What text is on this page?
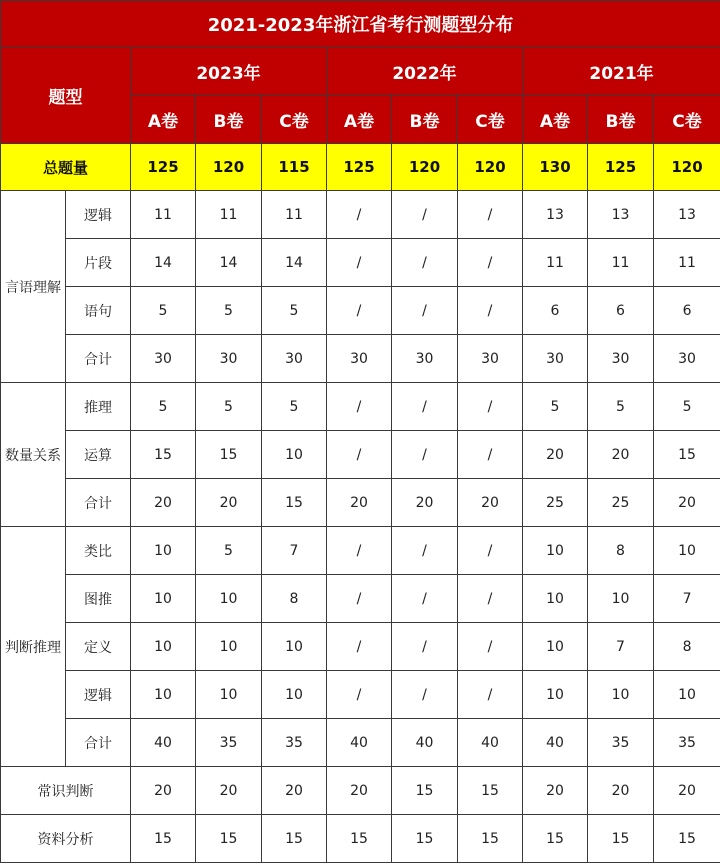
2021-2023年浙江省考行测题型分布										
题型		2023年			2022年			2021年		
		A卷	B卷	C卷	A卷	B卷	C卷	A卷	B卷	C卷
总题量		125	120	115	125	120	120	130	125	120
言语理解	逻辑	11	11	11	/	/	/	13	13	13
	片段	14	14	14	/	/	/	11	11	11
	语句	5	5	5	/	/	/	6	6	6
	合计	30	30	30	30	30	30	30	30	30
数量关系	推理	5	5	5	/	/	/	5	5	5
	运算	15	15	10	/	/	/	20	20	15
	合计	20	20	15	20	20	20	25	25	20
判断推理	类比	10	5	7	/	/	/	10	8	10
	图推	10	10	8	/	/	/	10	10	7
	定义	10	10	10	/	/	/	10	7	8
	逻辑	10	10	10	/	/	/	10	10	10
	合计	40	35	35	40	40	40	40	35	35
常识判断		20	20	20	20	15	15	20	20	20
资料分析		15	15	15	15	15	15	15	15	15
